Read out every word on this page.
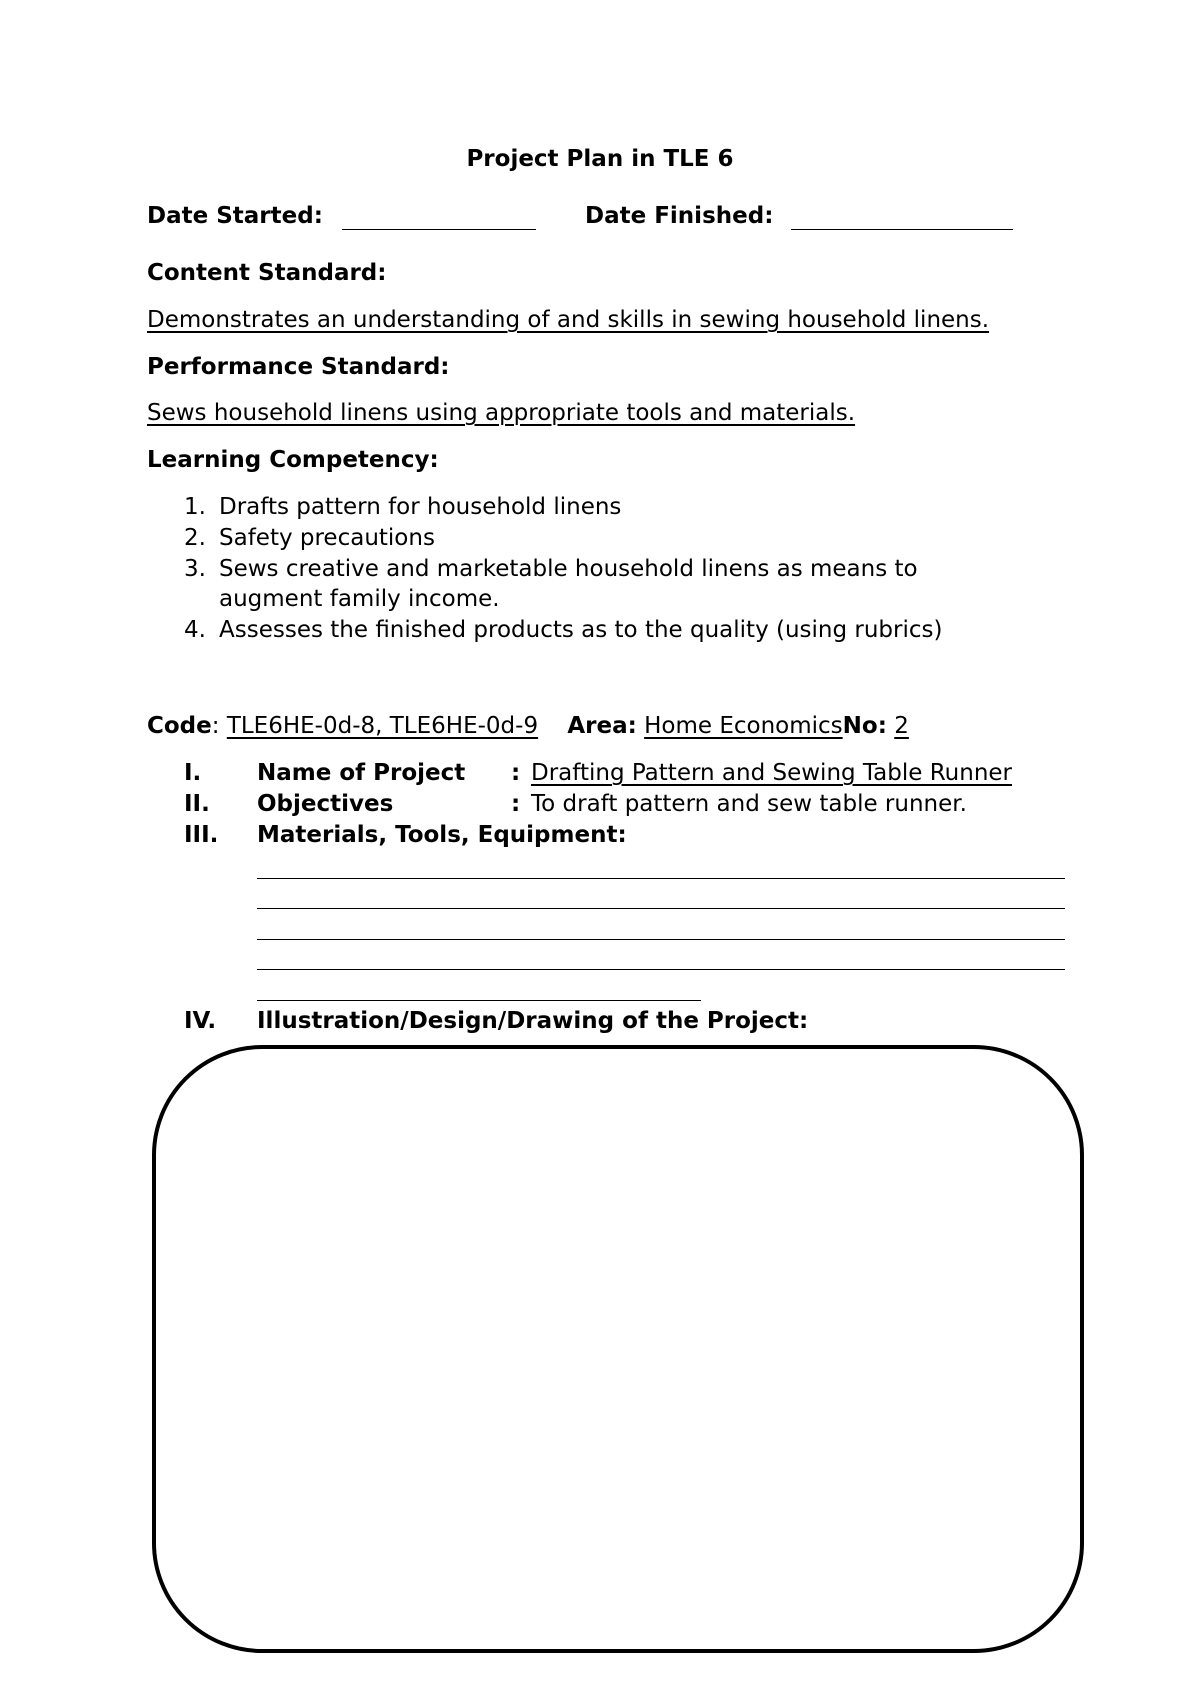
Project Plan in TLE 6
Date Started:	Date Finished:
Content Standard:
Demonstrates an understanding of and skills in sewing household linens.
Performance Standard:
Sews household linens using appropriate tools and materials.
Learning Competency:
1. Drafts pattern for household linens
2. Safety precautions
3. Sews creative and marketable household linens as means to
augment family income.
4. Assesses the finished products as to the quality (using rubrics)
Code: TLE6HE-0d-8, TLE6HE-0d-9 Area: Home EconomicsNo: 2
I. Name of Project : Drafting Pattern and Sewing Table Runner
II. Objectives	: To draft pattern and sew table runner.
III. Materials, Tools, Equipment:
IV. Illustration/Design/Drawing of the Project:
